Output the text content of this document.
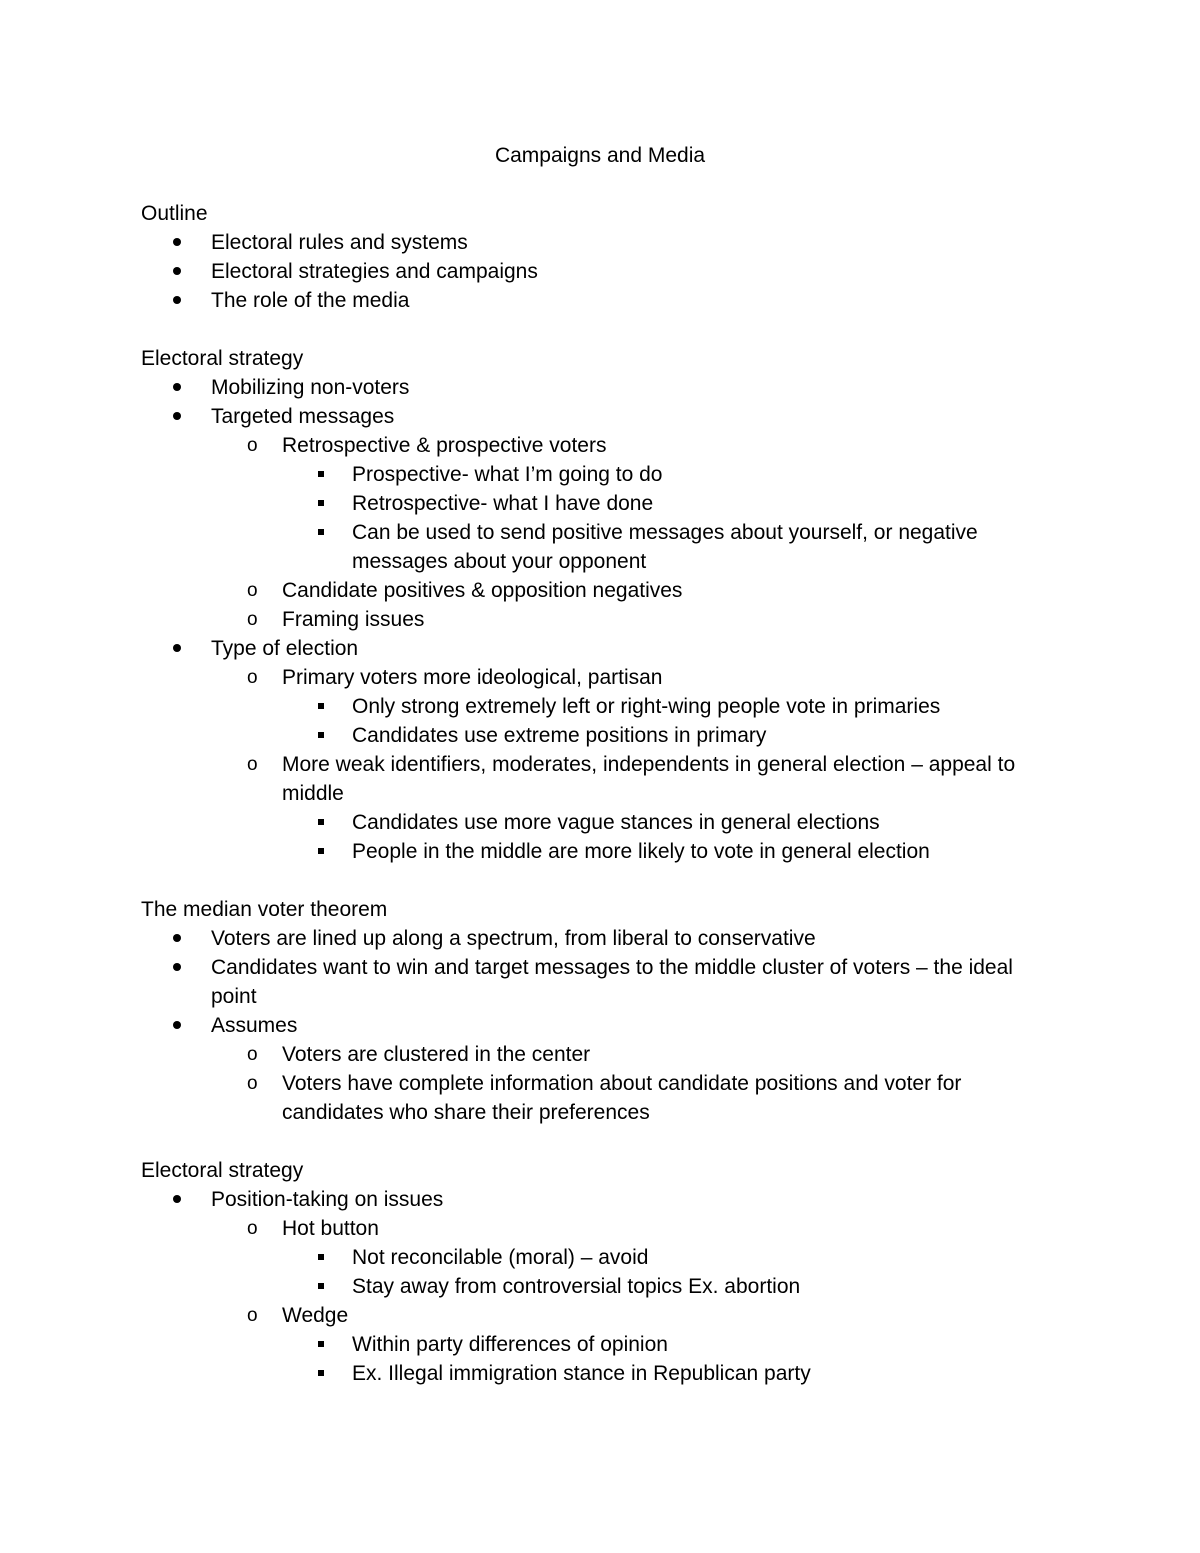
Campaigns and Media
Outline
Electoral rules and systems
Electoral strategies and campaigns
The role of the media
Electoral strategy
Mobilizing non-voters
Targeted messages
o Retrospective & prospective voters
Prospective- what I’m going to do
Retrospective- what I have done
Can be used to send positive messages about yourself, or negative messages about your opponent
o Candidate positives & opposition negatives
o Framing issues
Type of election
o Primary voters more ideological, partisan
Only strong extremely left or right-wing people vote in primaries
Candidates use extreme positions in primary
o More weak identifiers, moderates, independents in general election – appeal to middle
Candidates use more vague stances in general elections
People in the middle are more likely to vote in general election
The median voter theorem
Voters are lined up along a spectrum, from liberal to conservative
Candidates want to win and target messages to the middle cluster of voters – the ideal point
Assumes
o Voters are clustered in the center
o Voters have complete information about candidate positions and voter for candidates who share their preferences
Electoral strategy
Position-taking on issues
o Hot button
Not reconcilable (moral) – avoid
Stay away from controversial topics Ex. abortion
o Wedge
Within party differences of opinion
Ex. Illegal immigration stance in Republican party
